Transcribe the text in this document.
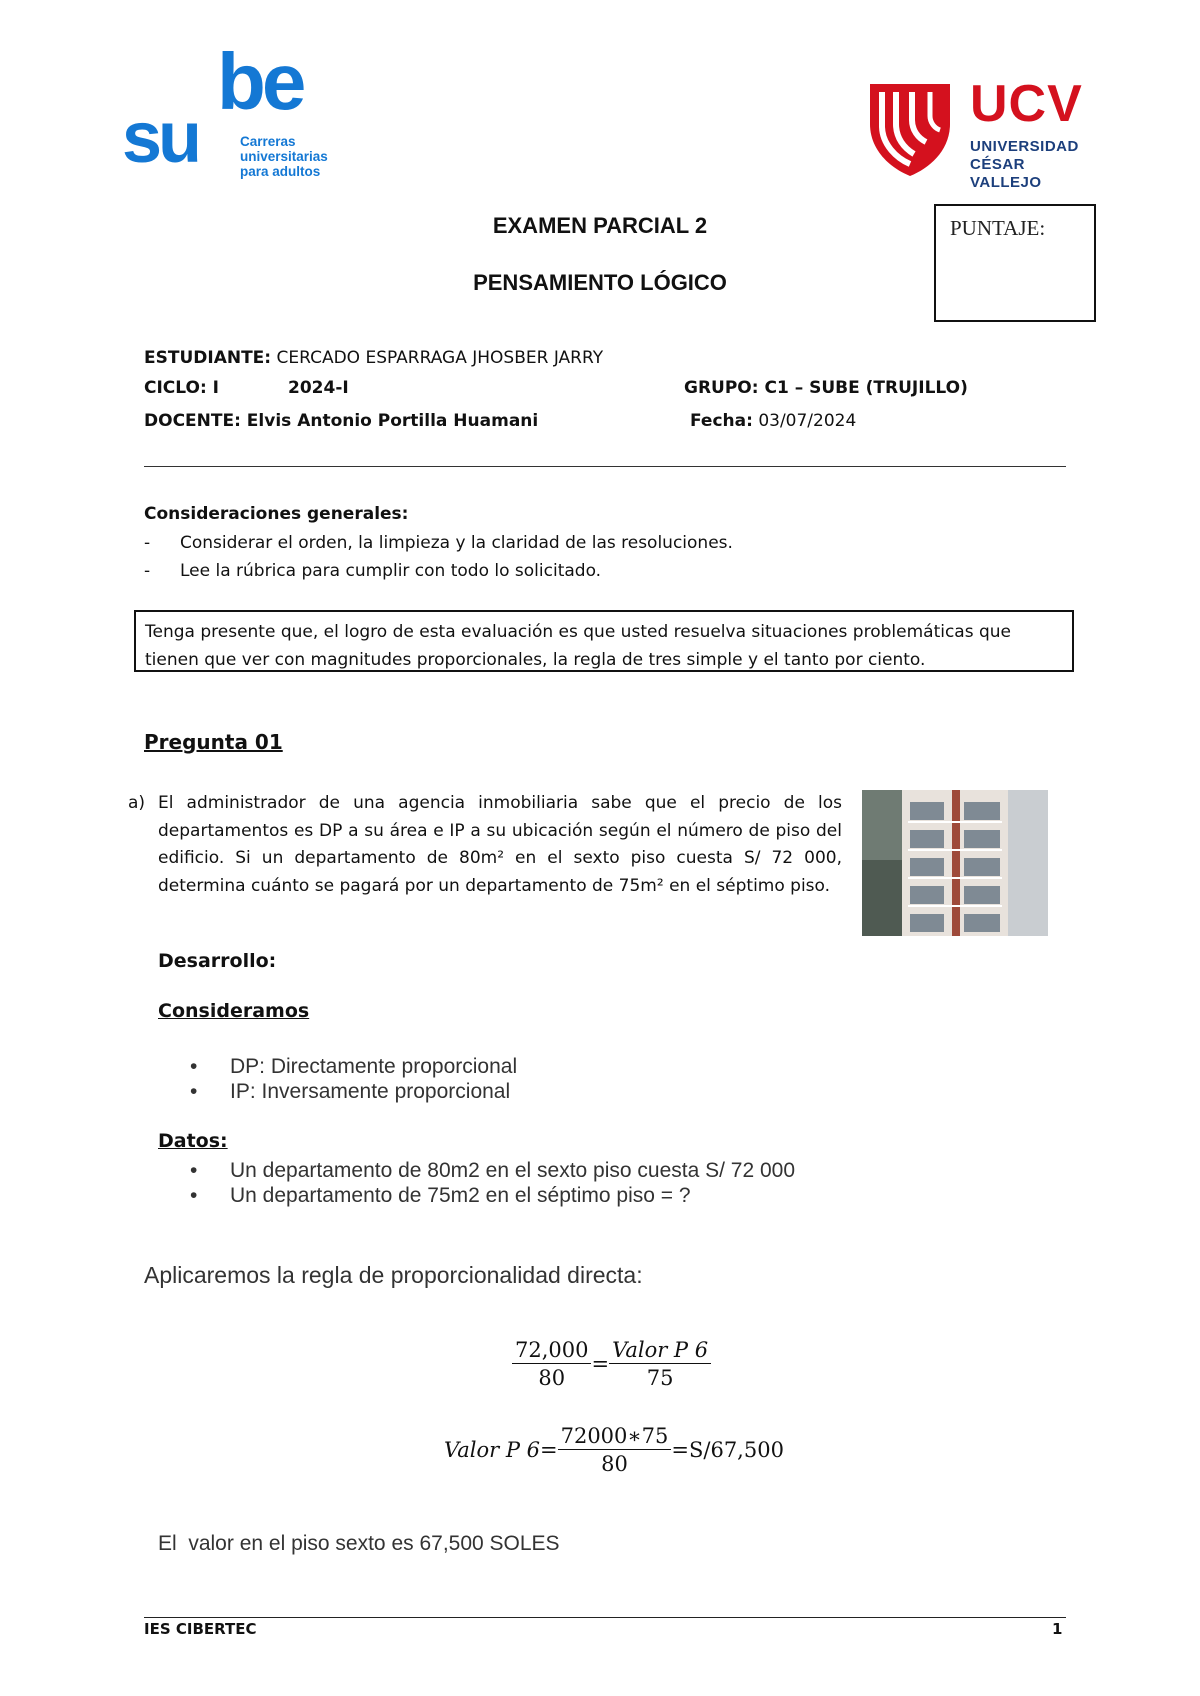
be
su	Carreras
universitarias
para adultos
UCV
UNIVERSIDAD
CÉSAR VALLEJO
EXAMEN PARCIAL 2
PENSAMIENTO LÓGICO
PUNTAJE:
ESTUDIANTE: CERCADO ESPARRAGA JHOSBER JARRY
CICLO: I	2024-I	GRUPO: C1 – SUBE (TRUJILLO)
DOCENTE: Elvis Antonio Portilla Huamani	Fecha: 03/07/2024
Consideraciones generales:
- Considerar el orden, la limpieza y la claridad de las resoluciones.
- Lee la rúbrica para cumplir con todo lo solicitado.
Tenga presente que, el logro de esta evaluación es que usted resuelva situaciones problemáticas que tienen que ver con magnitudes proporcionales, la regla de tres simple y el tanto por ciento.
Pregunta 01
a) El administrador de una agencia inmobiliaria sabe que el precio de los departamentos es DP a su área e IP a su ubicación según el número de piso del edificio. Si un departamento de 80m² en el sexto piso cuesta S/ 72 000, determina cuánto se pagará por un departamento de 75m² en el séptimo piso.
Desarrollo:
Consideramos
• DP: Directamente proporcional
• IP: Inversamente proporcional
Datos:
• Un departamento de 80m2 en el sexto piso cuesta S/ 72 000
• Un departamento de 75m2 en el séptimo piso = ?
Aplicaremos la regla de proporcionalidad directa:
$\frac{72,000}{80} = \frac{\text{Valor P 6}}{75}$
Valor P $6= \frac{72000∗75}{80} =S/67,500$
El  valor en el piso sexto es 67,500 SOLES
IES CIBERTEC	1
